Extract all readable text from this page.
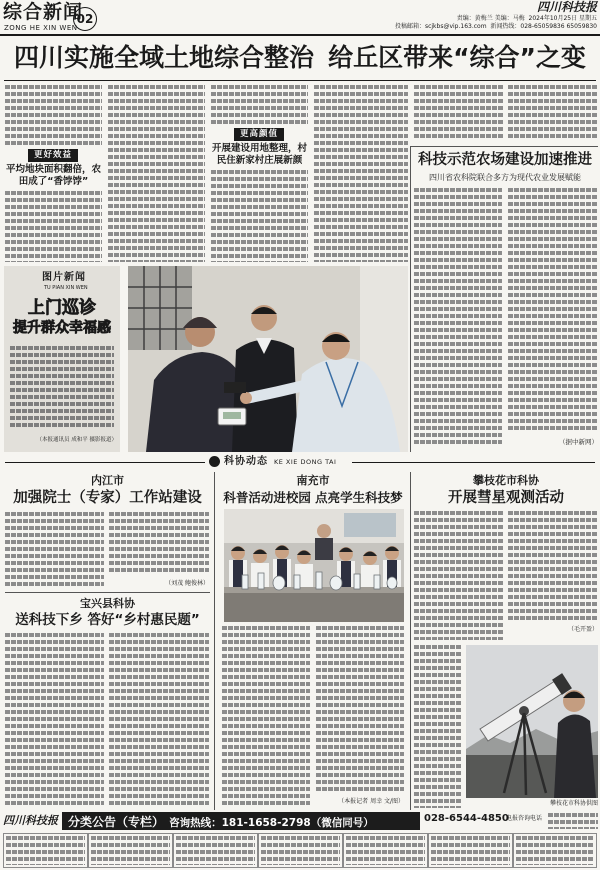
综合新闻
ZONG HE XIN WEN
02
四川科技报
责编：黄梅兰 美编：马梅 2024年10月25日 星期五
投稿邮箱：scjkbs@vip.163.com 新闻热线：028-65059836 65059830
四川实施全域土地综合整治 给丘区带来“综合”之变
更好效益
平均地块面积翻倍，农田成了“香饽饽”
更高颜值
开展建设用地整理，村民住新家村庄展新颜
图片新闻
TU PIAN XIN WEN
上门巡诊
提升群众幸福感
（本报通讯员 成和平 摄影报道）
科技示范农场建设加速推进
四川省农科院联合多方为现代农业发展赋能
（据中新网）
科协动态 KE XIE DONG TAI
内江市
加强院士（专家）工作站建设
（刘茂 鲍俊林）
宝兴县科协
送科技下乡 答好“乡村惠民题”
南充市
科普活动进校园 点亮学生科技梦
（本报记者 周幸 文/图）
攀枝花市科协
开展彗星观测活动
（毛开盈）
攀枝花市科协供图
四川科技报 分类公告（专栏） 咨询热线：181-1658-2798（微信同号）	028-6544-4850
电报咨询电话
